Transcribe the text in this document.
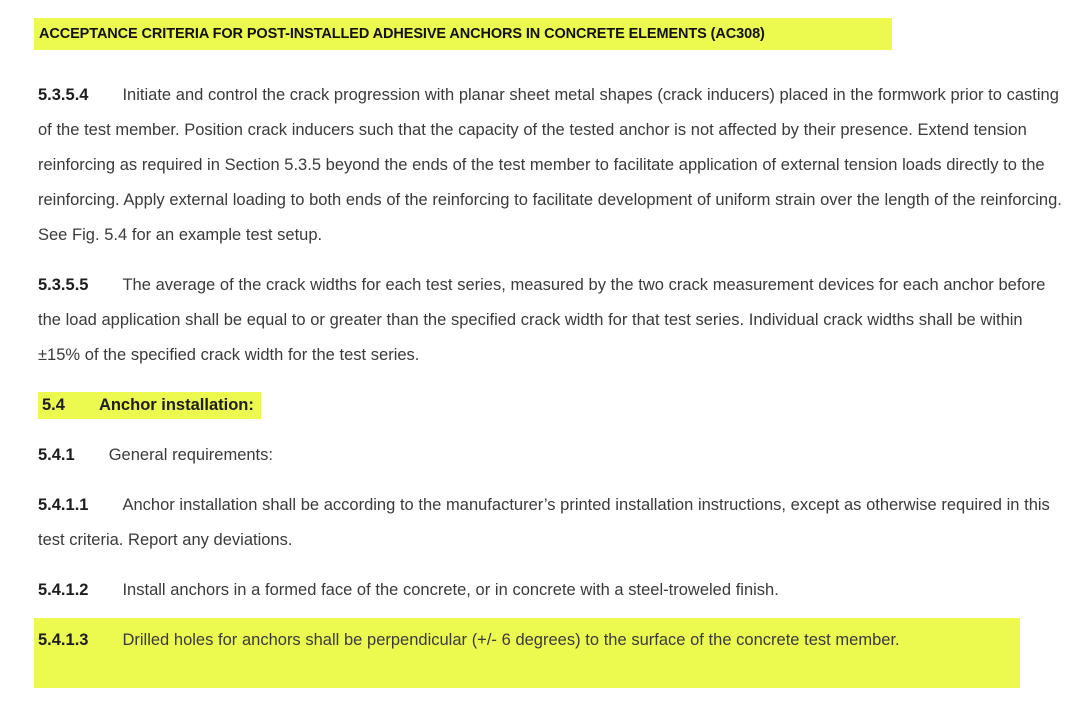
ACCEPTANCE CRITERIA FOR POST-INSTALLED ADHESIVE ANCHORS IN CONCRETE ELEMENTS (AC308)

5.3.5.4 Initiate and control the crack progression with planar sheet metal shapes (crack inducers) placed in the formwork prior to casting of the test member. Position crack inducers such that the capacity of the tested anchor is not affected by their presence. Extend tension reinforcing as required in Section 5.3.5 beyond the ends of the test member to facilitate application of external tension loads directly to the reinforcing. Apply external loading to both ends of the reinforcing to facilitate development of uniform strain over the length of the reinforcing. See Fig. 5.4 for an example test setup.

5.3.5.5 The average of the crack widths for each test series, measured by the two crack measurement devices for each anchor before the load application shall be equal to or greater than the specified crack width for that test series. Individual crack widths shall be within ±15% of the specified crack width for the test series.

5.4 Anchor installation:

5.4.1 General requirements:

5.4.1.1 Anchor installation shall be according to the manufacturer’s printed installation instructions, except as otherwise required in this test criteria. Report any deviations.

5.4.1.2 Install anchors in a formed face of the concrete, or in concrete with a steel-troweled finish.

5.4.1.3 Drilled holes for anchors shall be perpendicular (+/- 6 degrees) to the surface of the concrete test member.
